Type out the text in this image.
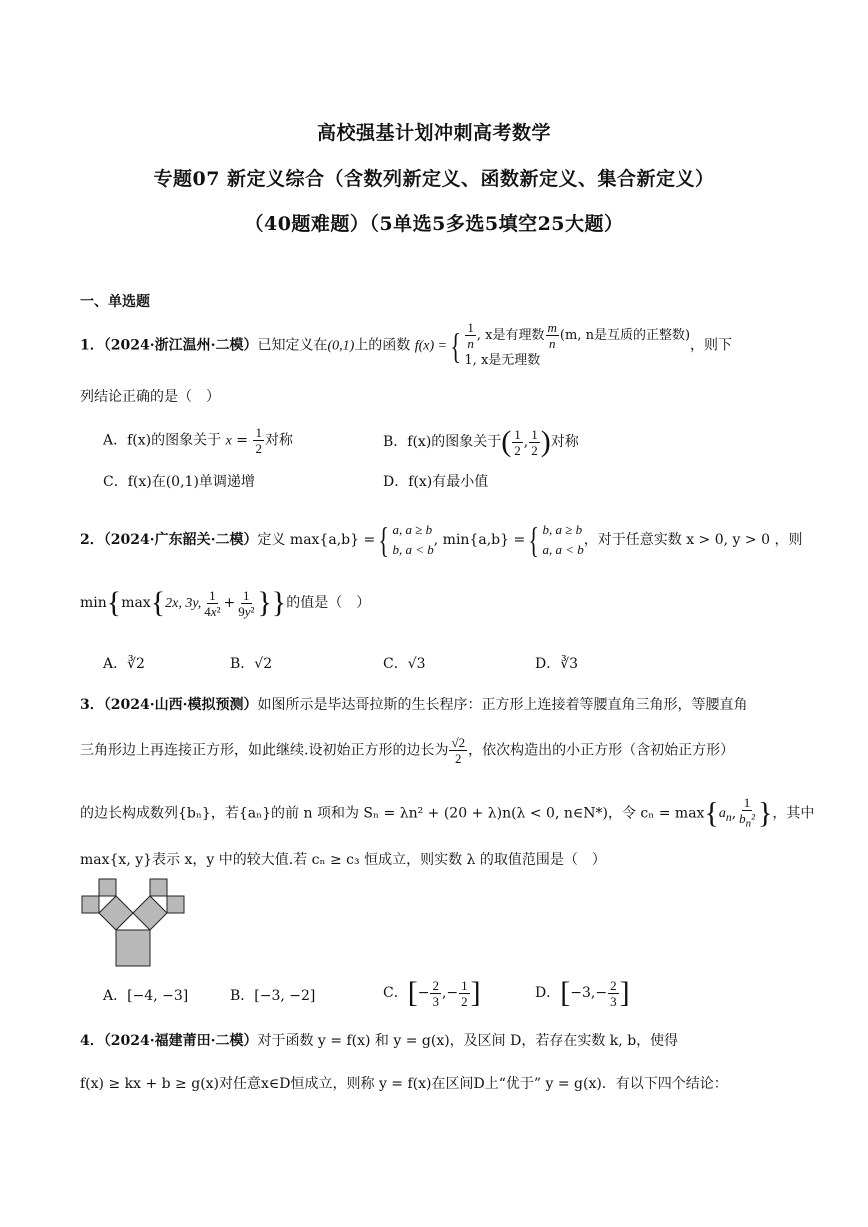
高校强基计划冲刺高考数学
专题07 新定义综合（含数列新定义、函数新定义、集合新定义）
（40题难题）（5单选5多选5填空25大题）
一、单选题
1．（2024·浙江温州·二模）已知定义在(0,1)上的函数 f(x) ={ $\frac{1}{n}$ , x是有理数 $\frac{m}{n} (m$, n是互质的正整数)
1, x是无理数
，则下
列结论正确的是（　）
A．f(x)的图象关于 $x = \frac{1}{2}$ 对称	B．f(x)的图象关于( $\frac{1}{2}$ , $\frac{1}{2}$ )对称
C．f(x)在(0,1)单调递增	D．f(x)有最小值
2．（2024·广东韶关·二模）定义 max{a,b} ={ a, a ≥ b
b, a < b
, min{a,b} ={ b, a ≥ b
a, a < b
，对于任意实数 x > 0, y > 0 ，则
min{max{2x, 3y, $\frac{1}{\text{4x²}} + \frac{1}{\text{9y²}}$ }}的值是（　）
A．∛2	B．√2	C．√3	D．∛3
3．（2024·山西·模拟预测）如图所示是毕达哥拉斯的生长程序：正方形上连接着等腰直角三角形，等腰直角
三角形边上再连接正方形，如此继续.设初始正方形的边长为 $\frac{√2}{2}$ ，依次构造出的小正方形（含初始正方形）
的边长构成数列{bₙ}，若{aₙ}的前 n 项和为 Sₙ = λn² + (20 + λ)n(λ < 0, n∈N*)，令 $c_n = \max\{a_n$, $\frac{1}{b_n^2}$ }，其中
max{x, y}表示 x，y 中的较大值.若 cₙ ≥ c₃ 恒成立，则实数 λ 的取值范围是（　）
A．[−4, −3]	B．[−3, −2]	C．[− $\frac{2}{3}$ ,− $\frac{1}{2}$ ]	D．[$-3,- \frac{2}{3}$ ]
4．（2024·福建莆田·二模）对于函数 y = f(x) 和 y = g(x)，及区间 D，若存在实数 k, b，使得
f(x) ≥ kx + b ≥ g(x)对任意x∈D恒成立，则称 y = f(x)在区间D上“优于” y = g(x)．有以下四个结论：
